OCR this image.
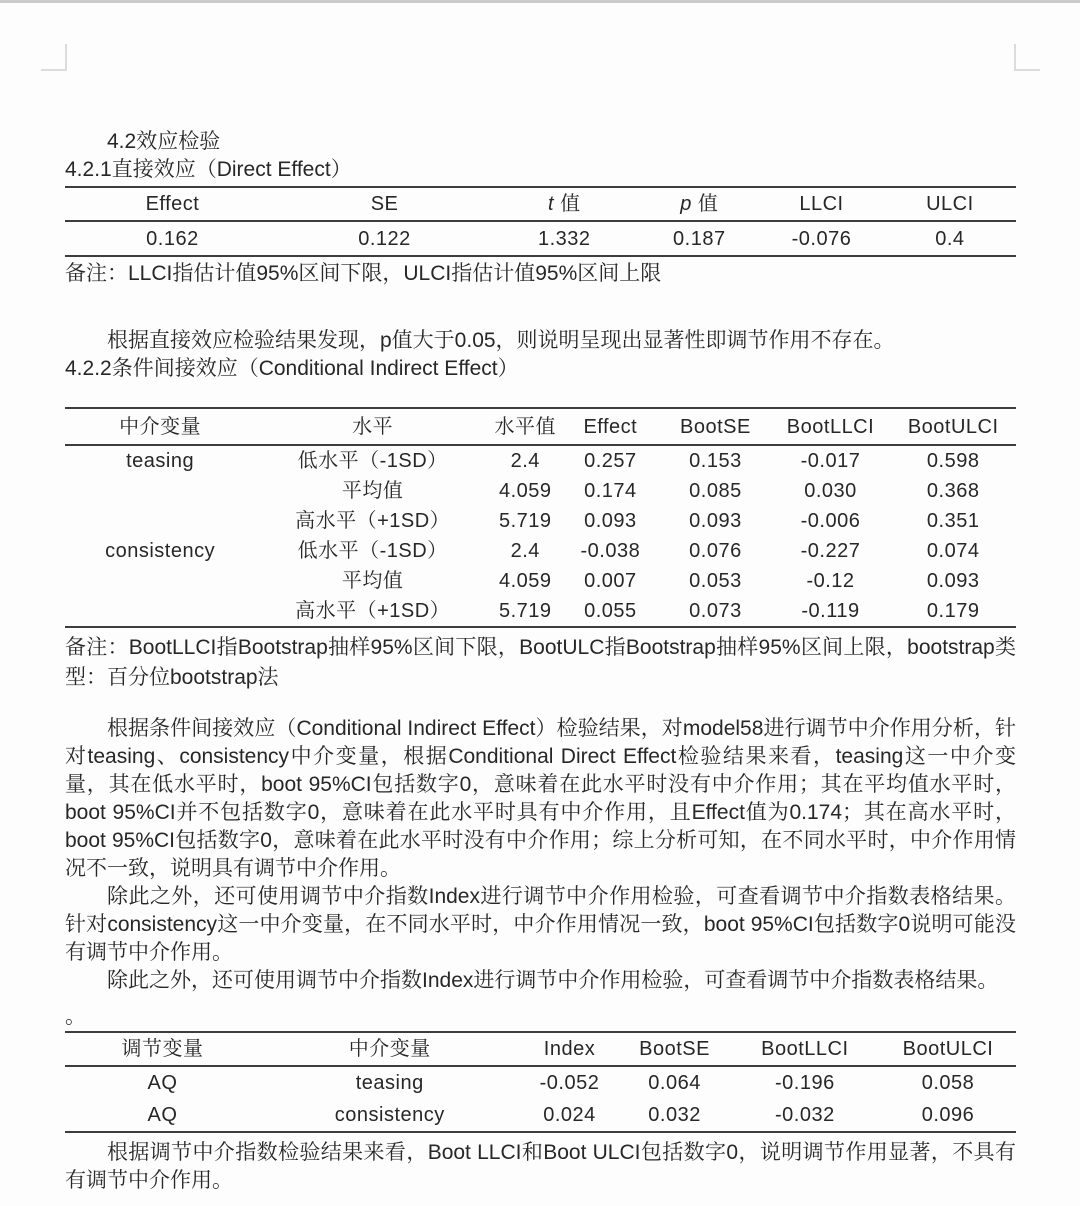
4.2效应检验
4.2.1直接效应（Direct Effect）
Effect	SE	t 值	p 值	LLCI	ULCI
0.162	0.122	1.332	0.187	-0.076	0.4
备注：LLCI指估计值95%区间下限，ULCI指估计值95%区间上限
根据直接效应检验结果发现，p值大于0.05，则说明呈现出显著性即调节作用不存在。
4.2.2条件间接效应（Conditional Indirect Effect）
中介变量	水平	水平值	Effect	BootSE	BootLLCI	BootULCI
teasing	低水平（-1SD）	2.4	0.257	0.153	-0.017	0.598
	平均值	4.059	0.174	0.085	0.030	0.368
	高水平（+1SD）	5.719	0.093	0.093	-0.006	0.351
consistency	低水平（-1SD）	2.4	-0.038	0.076	-0.227	0.074
	平均值	4.059	0.007	0.053	-0.12	0.093
	高水平（+1SD）	5.719	0.055	0.073	-0.119	0.179
备注：BootLLCI指Bootstrap抽样95%区间下限，BootULC指Bootstrap抽样95%区间上限，bootstrap类型：百分位bootstrap法
根据条件间接效应（Conditional Indirect Effect）检验结果，对model58进行调节中介作用分析，针对teasing、consistency中介变量，根据Conditional Direct Effect检验结果来看，teasing这一中介变量，其在低水平时，boot 95%CI包括数字0，意味着在此水平时没有中介作用；其在平均值水平时，boot 95%CI并不包括数字0，意味着在此水平时具有中介作用，且Effect值为0.174；其在高水平时，boot 95%CI包括数字0，意味着在此水平时没有中介作用；综上分析可知，在不同水平时，中介作用情况不一致，说明具有调节中介作用。
除此之外，还可使用调节中介指数Index进行调节中介作用检验，可查看调节中介指数表格结果。针对consistency这一中介变量，在不同水平时，中介作用情况一致，boot 95%CI包括数字0说明可能没有调节中介作用。
除此之外，还可使用调节中介指数Index进行调节中介作用检验，可查看调节中介指数表格结果。
。
调节变量	中介变量	Index	BootSE	BootLLCI	BootULCI
AQ	teasing	-0.052	0.064	-0.196	0.058
AQ	consistency	0.024	0.032	-0.032	0.096
根据调节中介指数检验结果来看，Boot LLCI和Boot ULCI包括数字0，说明调节作用显著，不具有有调节中介作用。
